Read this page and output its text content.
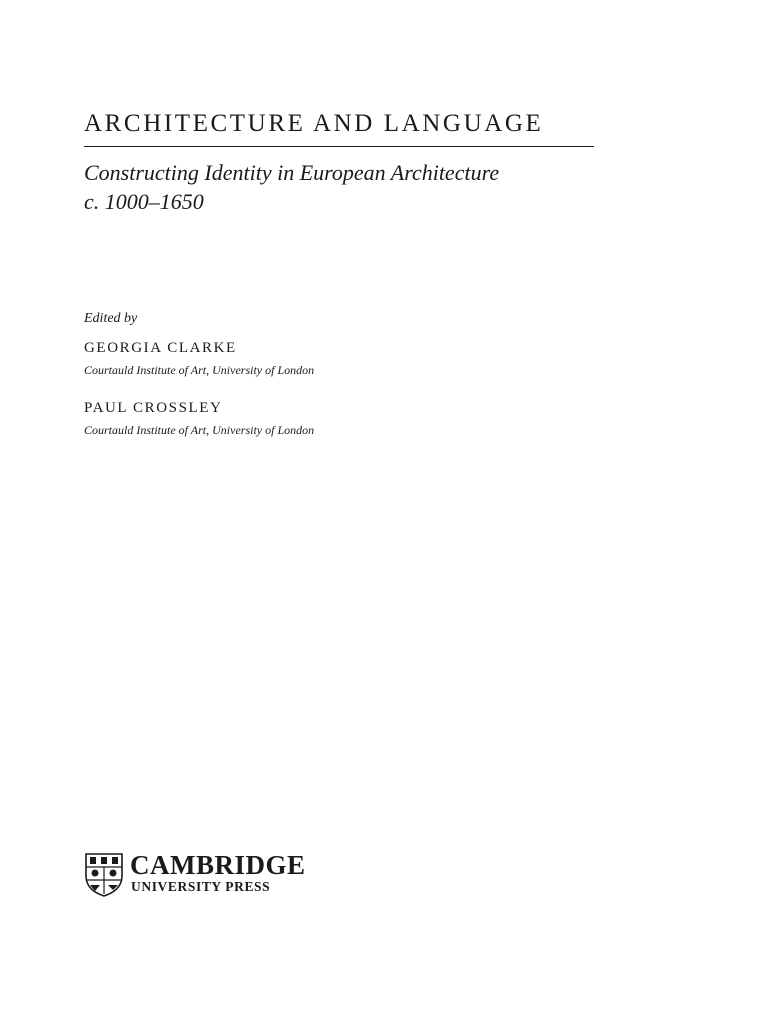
ARCHITECTURE AND LANGUAGE
Constructing Identity in European Architecture
c. 1000–1650
Edited by
GEORGIA CLARKE
Courtauld Institute of Art, University of London
PAUL CROSSLEY
Courtauld Institute of Art, University of London
CAMBRIDGE
UNIVERSITY PRESS
